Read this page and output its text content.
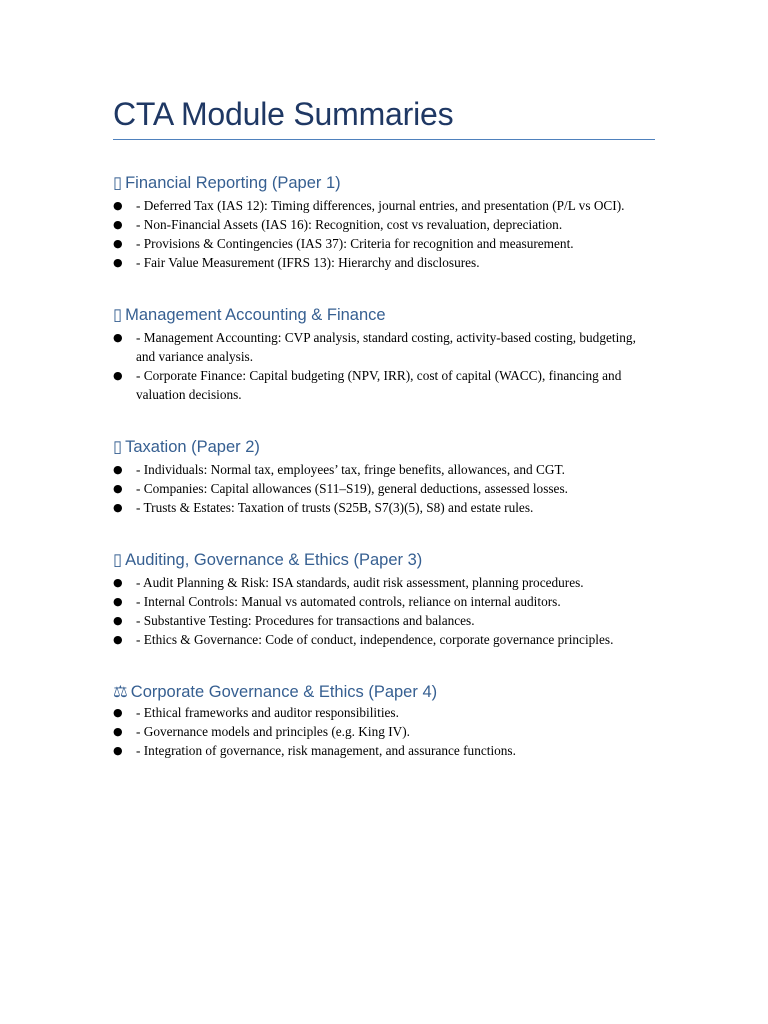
CTA Module Summaries
▯ Financial Reporting (Paper 1)
● - Deferred Tax (IAS 12): Timing differences, journal entries, and presentation (P/L vs OCI).
● - Non-Financial Assets (IAS 16): Recognition, cost vs revaluation, depreciation.
● - Provisions & Contingencies (IAS 37): Criteria for recognition and measurement.
● - Fair Value Measurement (IFRS 13): Hierarchy and disclosures.
▯ Management Accounting & Finance
● - Management Accounting: CVP analysis, standard costing, activity-based costing, budgeting, and variance analysis.
● - Corporate Finance: Capital budgeting (NPV, IRR), cost of capital (WACC), financing and valuation decisions.
▯ Taxation (Paper 2)
● - Individuals: Normal tax, employees’ tax, fringe benefits, allowances, and CGT.
● - Companies: Capital allowances (S11–S19), general deductions, assessed losses.
● - Trusts & Estates: Taxation of trusts (S25B, S7(3)(5), S8) and estate rules.
▯ Auditing, Governance & Ethics (Paper 3)
● - Audit Planning & Risk: ISA standards, audit risk assessment, planning procedures.
● - Internal Controls: Manual vs automated controls, reliance on internal auditors.
● - Substantive Testing: Procedures for transactions and balances.
● - Ethics & Governance: Code of conduct, independence, corporate governance principles.
⚖ Corporate Governance & Ethics (Paper 4)
● - Ethical frameworks and auditor responsibilities.
● - Governance models and principles (e.g. King IV).
● - Integration of governance, risk management, and assurance functions.
